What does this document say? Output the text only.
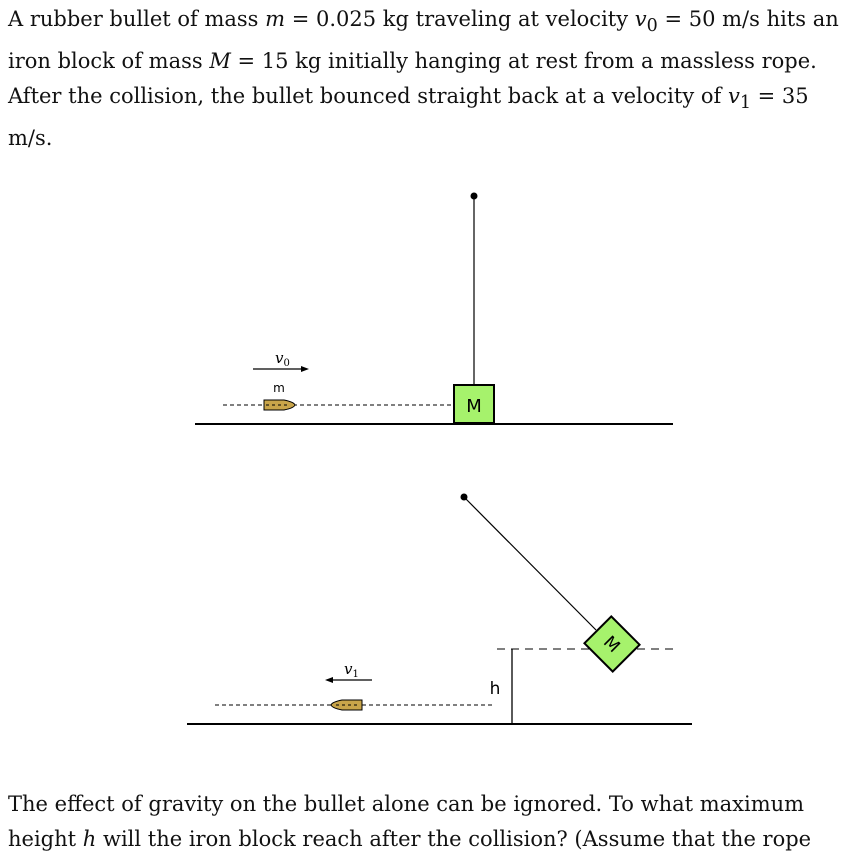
A rubber bullet of mass m = 0.025 kg traveling at velocity $v_0 = 50$ m/s hits an iron block of mass M = 15 kg initially hanging at rest from a massless rope. After the collision, the bullet bounced straight back at a velocity of $v_1 = 35$ m/s.

M
$v_0$
m
h
M
$v_1$

The effect of gravity on the bullet alone can be ignored. To what maximum height h will the iron block reach after the collision? (Assume that the rope
